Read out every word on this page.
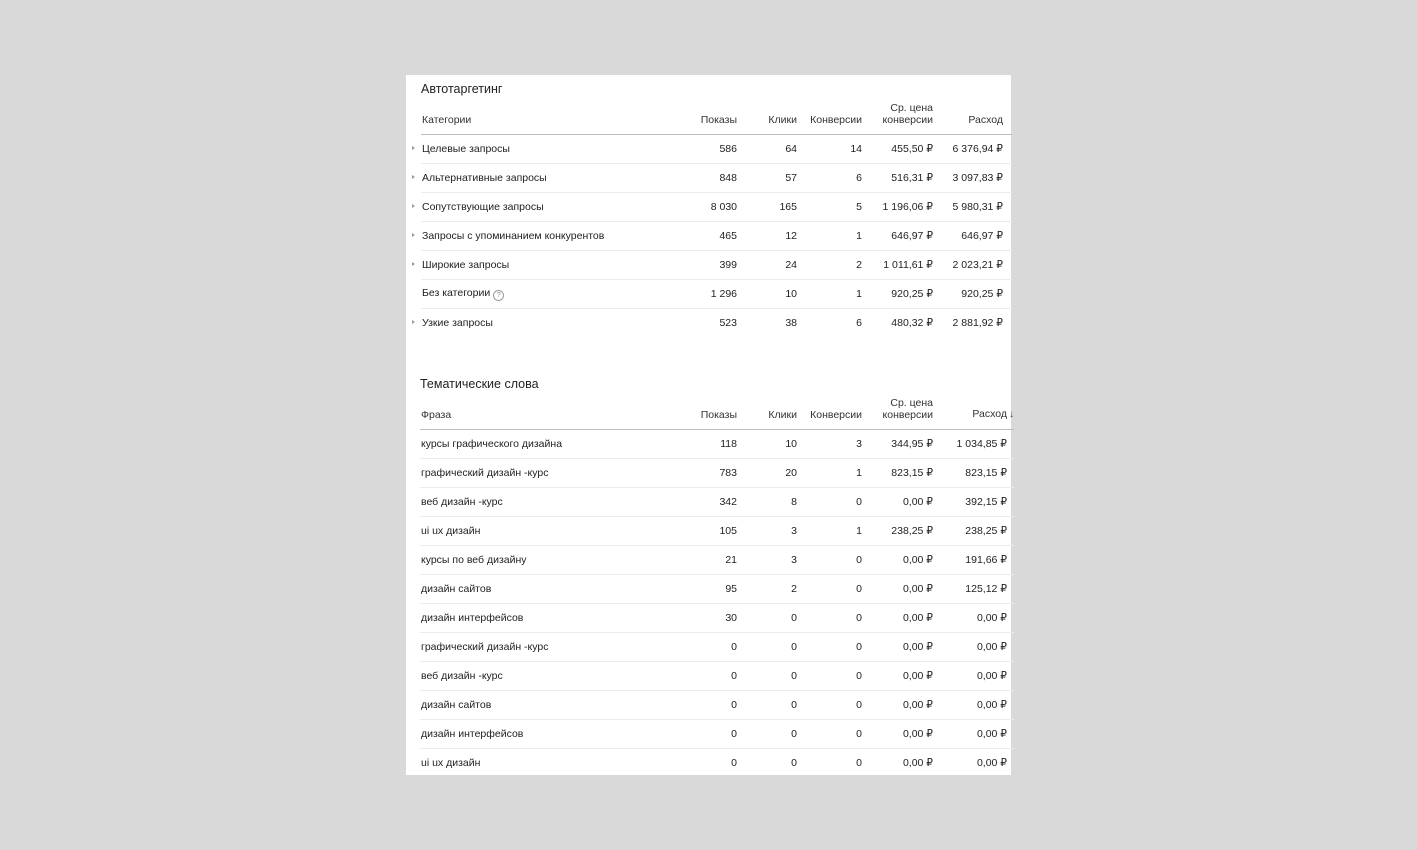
Автотаргетинг
Категории	Показы	Клики	Конверсии	Ср. цена
конверсии	Расход

Целевые запросы	586	64	14	455,50 ₽	6 376,94 ₽

Альтернативные запросы	848	57	6	516,31 ₽	3 097,83 ₽

Сопутствующие запросы	8 030	165	5	1 196,06 ₽	5 980,31 ₽

Запросы с упоминанием конкурентов	465	12	1	646,97 ₽	646,97 ₽

Широкие запросы	399	24	2	1 011,61 ₽	2 023,21 ₽
Без категории ?	1 296	10	1	920,25 ₽	920,25 ₽

Узкие запросы	523	38	6	480,32 ₽	2 881,92 ₽
Тематические слова
Фраза	Показы	Клики	Конверсии	Ср. цена
конверсии	Расход ↓
курсы графического дизайна	118	10	3	344,95 ₽	1 034,85 ₽
графический дизайн -курс	783	20	1	823,15 ₽	823,15 ₽
веб дизайн -курс	342	8	0	0,00 ₽	392,15 ₽
ui ux дизайн	105	3	1	238,25 ₽	238,25 ₽
курсы по веб дизайну	21	3	0	0,00 ₽	191,66 ₽
дизайн сайтов	95	2	0	0,00 ₽	125,12 ₽
дизайн интерфейсов	30	0	0	0,00 ₽	0,00 ₽
графический дизайн -курс	0	0	0	0,00 ₽	0,00 ₽
веб дизайн -курс	0	0	0	0,00 ₽	0,00 ₽
дизайн сайтов	0	0	0	0,00 ₽	0,00 ₽
дизайн интерфейсов	0	0	0	0,00 ₽	0,00 ₽
ui ux дизайн	0	0	0	0,00 ₽	0,00 ₽
